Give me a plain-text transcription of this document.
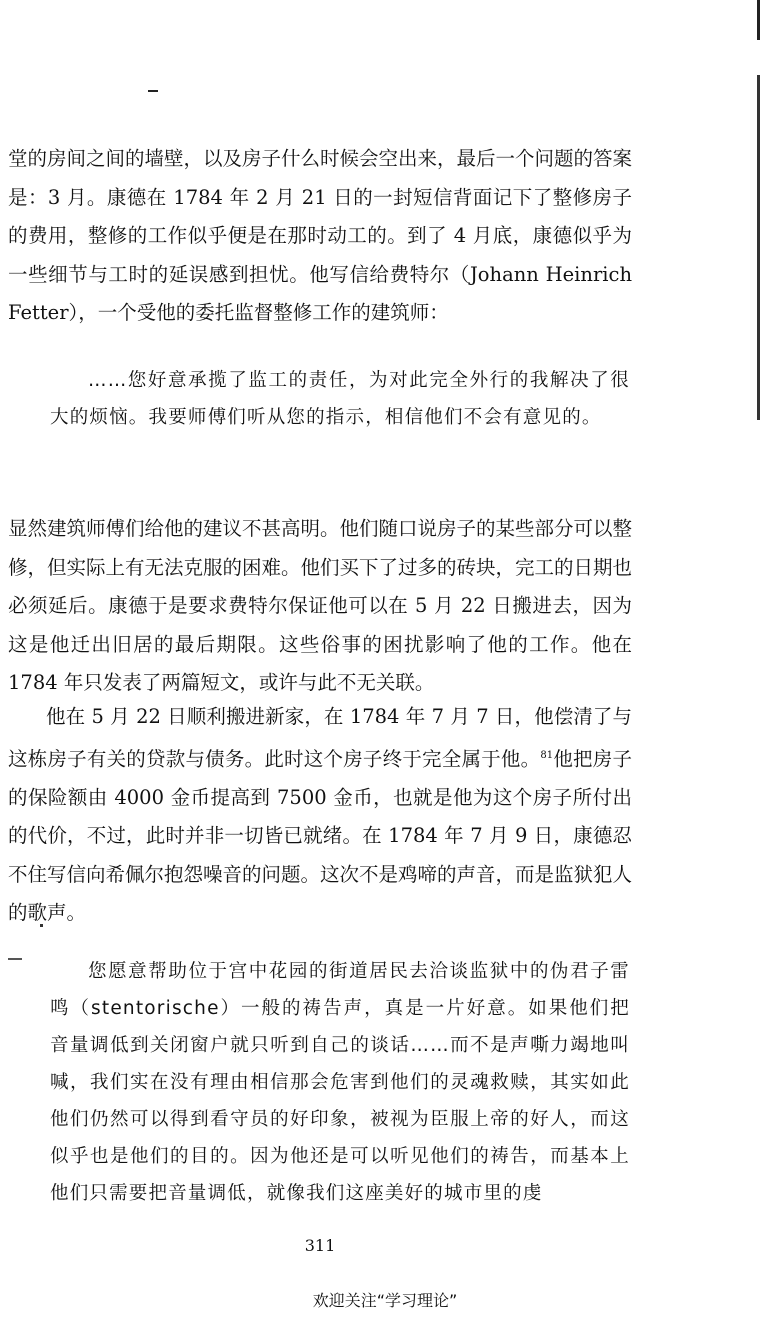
堂的房间之间的墙壁，以及房子什么时候会空出来，最后一个问题的答案是：3 月。康德在 1784 年 2 月 21 日的一封短信背面记下了整修房子的费用，整修的工作似乎便是在那时动工的。到了 4 月底，康德似乎为一些细节与工时的延误感到担忧。他写信给费特尔（Johann Heinrich Fetter），一个受他的委托监督整修工作的建筑师：

……您好意承揽了监工的责任，为对此完全外行的我解决了很大的烦恼。我要师傅们听从您的指示，相信他们不会有意见的。

显然建筑师傅们给他的建议不甚高明。他们随口说房子的某些部分可以整修，但实际上有无法克服的困难。他们买下了过多的砖块，完工的日期也必须延后。康德于是要求费特尔保证他可以在 5 月 22 日搬进去，因为这是他迁出旧居的最后期限。这些俗事的困扰影响了他的工作。他在 1784 年只发表了两篇短文，或许与此不无关联。

他在 5 月 22 日顺利搬进新家，在 1784 年 7 月 7 日，他偿清了与这栋房子有关的贷款与债务。此时这个房子终于完全属于他。$^{81}$他把房子的保险额由 4000 金币提高到 7500 金币，也就是他为这个房子所付出的代价，不过，此时并非一切皆已就绪。在 1784 年 7 月 9 日，康德忍不住写信向希佩尔抱怨噪音的问题。这次不是鸡啼的声音，而是监狱犯人的歌声。

您愿意帮助位于宫中花园的街道居民去洽谈监狱中的伪君子雷鸣（stentorische）一般的祷告声，真是一片好意。如果他们把音量调低到关闭窗户就只听到自己的谈话……而不是声嘶力竭地叫喊，我们实在没有理由相信那会危害到他们的灵魂救赎，其实如此他们仍然可以得到看守员的好印象，被视为臣服上帝的好人，而这似乎也是他们的目的。因为他还是可以听见他们的祷告，而基本上他们只需要把音量调低，就像我们这座美好的城市里的虔

311
欢迎关注“学习理论”
